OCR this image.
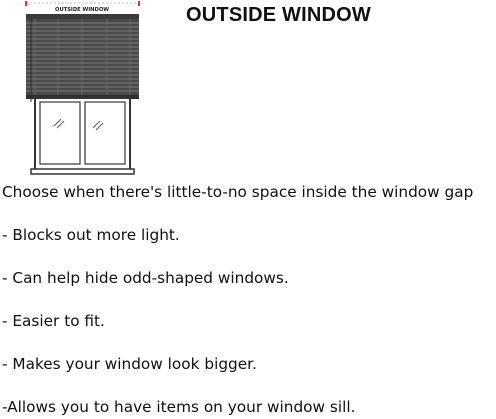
OUTSIDE WINDOW	OUTSIDE WINDOW

Choose when there's little-to-no space inside the window gap

- Blocks out more light.

- Can help hide odd-shaped windows.

- Easier to fit.

- Makes your window look bigger.

-Allows you to have items on your window sill.
